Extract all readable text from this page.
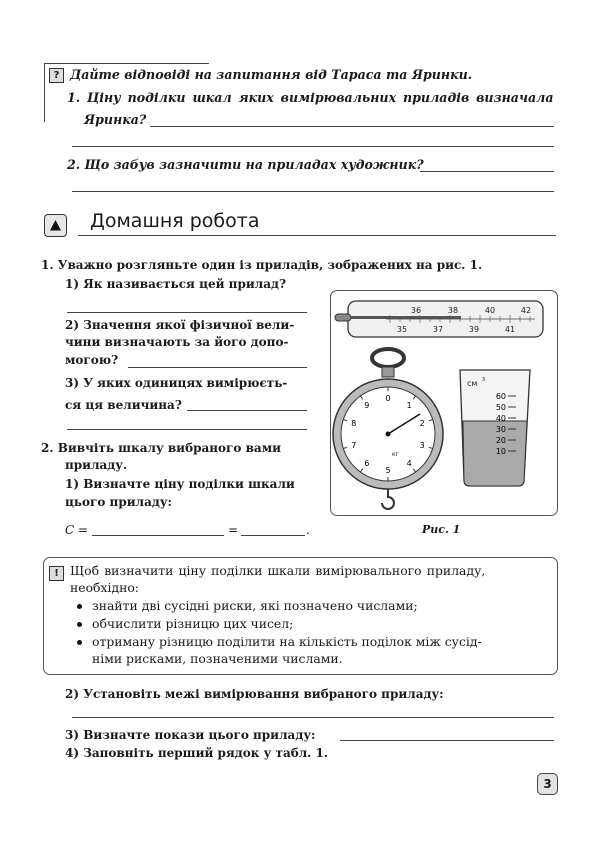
? Дайте відповіді на запитання від Тараса та Яринки.
1. Ціну поділки шкал яких вимірювальних приладів визначала
Яринка?
2. Що забув зазначити на приладах художник?
Домашня робота
1. Уважно розгляньте один із приладів, зображених на рис. 1.
1) Як називається цей прилад?
2) Значення якої фізичної вели-
чини визначають за його допо-
могою?
3) У яких одиницях вимірюєть-
ся ця величина?
2. Вивчіть шкалу вибраного вами
приладу.
1) Визначте ціну поділки шкали
цього приладу:
C =	=	.
36	38	40	42
35	37	39	41
0
1
2
3
4
5
6
7
8
9
кг
см 3
60
50
40
30
20
10
Рис. 1
! Щоб визначити ціну поділки шкали вимірювального приладу,
необхідно:
знайти дві сусідні риски, які позначено числами;
обчислити різницю цих чисел;
отриману різницю поділити на кількість поділок між сусід-
німи рисками, позначеними числами.
2) Установіть межі вимірювання вибраного приладу:
3) Визначте покази цього приладу:
4) Заповніть перший рядок у табл. 1.
3
